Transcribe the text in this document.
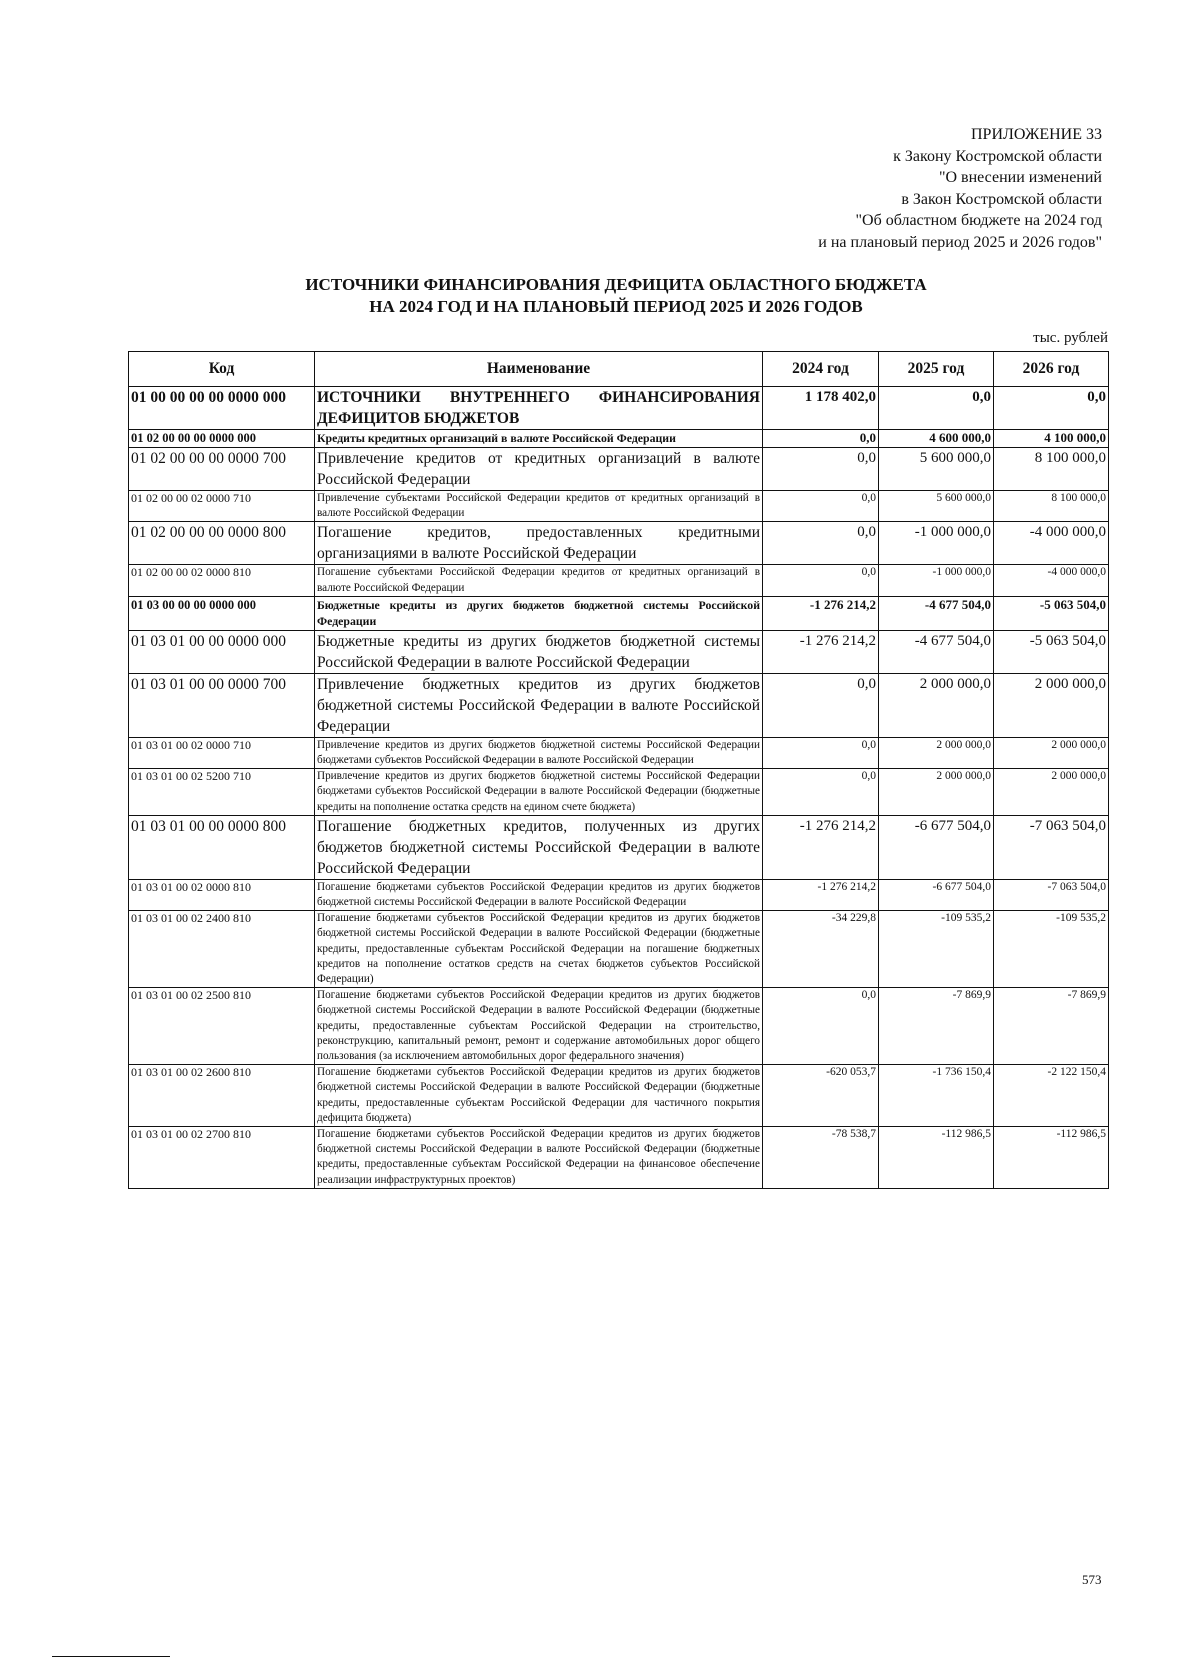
ПРИЛОЖЕНИЕ 33
к Закону Костромской области
"О внесении изменений
в Закон Костромской области
"Об областном бюджете на 2024 год
и на плановый период 2025 и 2026 годов"
ИСТОЧНИКИ ФИНАНСИРОВАНИЯ ДЕФИЦИТА ОБЛАСТНОГО БЮДЖЕТА
НА 2024 ГОД И НА ПЛАНОВЫЙ ПЕРИОД 2025 И 2026 ГОДОВ
тыс. рублей
Код	Наименование	2024 год	2025 год	2026 год
01 00 00 00 00 0000 000	ИСТОЧНИКИ ВНУТРЕННЕГО ФИНАНСИРОВАНИЯ ДЕФИЦИТОВ БЮДЖЕТОВ	1 178 402,0	0,0	0,0
01 02 00 00 00 0000 000	Кредиты кредитных организаций в валюте Российской Федерации	0,0	4 600 000,0	4 100 000,0
01 02 00 00 00 0000 700	Привлечение кредитов от кредитных организаций в валюте Российской Федерации	0,0	5 600 000,0	8 100 000,0
01 02 00 00 02 0000 710	Привлечение субъектами Российской Федерации кредитов от кредитных организаций в валюте Российской Федерации	0,0	5 600 000,0	8 100 000,0
01 02 00 00 00 0000 800	Погашение кредитов, предоставленных кредитными организациями в валюте Российской Федерации	0,0	-1 000 000,0	-4 000 000,0
01 02 00 00 02 0000 810	Погашение субъектами Российской Федерации кредитов от кредитных организаций в валюте Российской Федерации	0,0	-1 000 000,0	-4 000 000,0
01 03 00 00 00 0000 000	Бюджетные кредиты из других бюджетов бюджетной системы Российской Федерации	-1 276 214,2	-4 677 504,0	-5 063 504,0
01 03 01 00 00 0000 000	Бюджетные кредиты из других бюджетов бюджетной системы Российской Федерации в валюте Российской Федерации	-1 276 214,2	-4 677 504,0	-5 063 504,0
01 03 01 00 00 0000 700	Привлечение бюджетных кредитов из других бюджетов бюджетной системы Российской Федерации в валюте Российской Федерации	0,0	2 000 000,0	2 000 000,0
01 03 01 00 02 0000 710	Привлечение кредитов из других бюджетов бюджетной системы Российской Федерации бюджетами субъектов Российской Федерации в валюте Российской Федерации	0,0	2 000 000,0	2 000 000,0
01 03 01 00 02 5200 710	Привлечение кредитов из других бюджетов бюджетной системы Российской Федерации бюджетами субъектов Российской Федерации в валюте Российской Федерации (бюджетные кредиты на пополнение остатка средств на едином счете бюджета)	0,0	2 000 000,0	2 000 000,0
01 03 01 00 00 0000 800	Погашение бюджетных кредитов, полученных из других бюджетов бюджетной системы Российской Федерации в валюте Российской Федерации	-1 276 214,2	-6 677 504,0	-7 063 504,0
01 03 01 00 02 0000 810	Погашение бюджетами субъектов Российской Федерации кредитов из других бюджетов бюджетной системы Российской Федерации в валюте Российской Федерации	-1 276 214,2	-6 677 504,0	-7 063 504,0
01 03 01 00 02 2400 810	Погашение бюджетами субъектов Российской Федерации кредитов из других бюджетов бюджетной системы Российской Федерации в валюте Российской Федерации (бюджетные кредиты, предоставленные субъектам Российской Федерации на погашение бюджетных кредитов на пополнение остатков средств на счетах бюджетов субъектов Российской Федерации)	-34 229,8	-109 535,2	-109 535,2
01 03 01 00 02 2500 810	Погашение бюджетами субъектов Российской Федерации кредитов из других бюджетов бюджетной системы Российской Федерации в валюте Российской Федерации (бюджетные кредиты, предоставленные субъектам Российской Федерации на строительство, реконструкцию, капитальный ремонт, ремонт и содержание автомобильных дорог общего пользования (за исключением автомобильных дорог федерального значения)	0,0	-7 869,9	-7 869,9
01 03 01 00 02 2600 810	Погашение бюджетами субъектов Российской Федерации кредитов из других бюджетов бюджетной системы Российской Федерации в валюте Российской Федерации (бюджетные кредиты, предоставленные субъектам Российской Федерации для частичного покрытия дефицита бюджета)	-620 053,7	-1 736 150,4	-2 122 150,4
01 03 01 00 02 2700 810	Погашение бюджетами субъектов Российской Федерации кредитов из других бюджетов бюджетной системы Российской Федерации в валюте Российской Федерации (бюджетные кредиты, предоставленные субъектам Российской Федерации на финансовое обеспечение реализации инфраструктурных проектов)	-78 538,7	-112 986,5	-112 986,5
573
